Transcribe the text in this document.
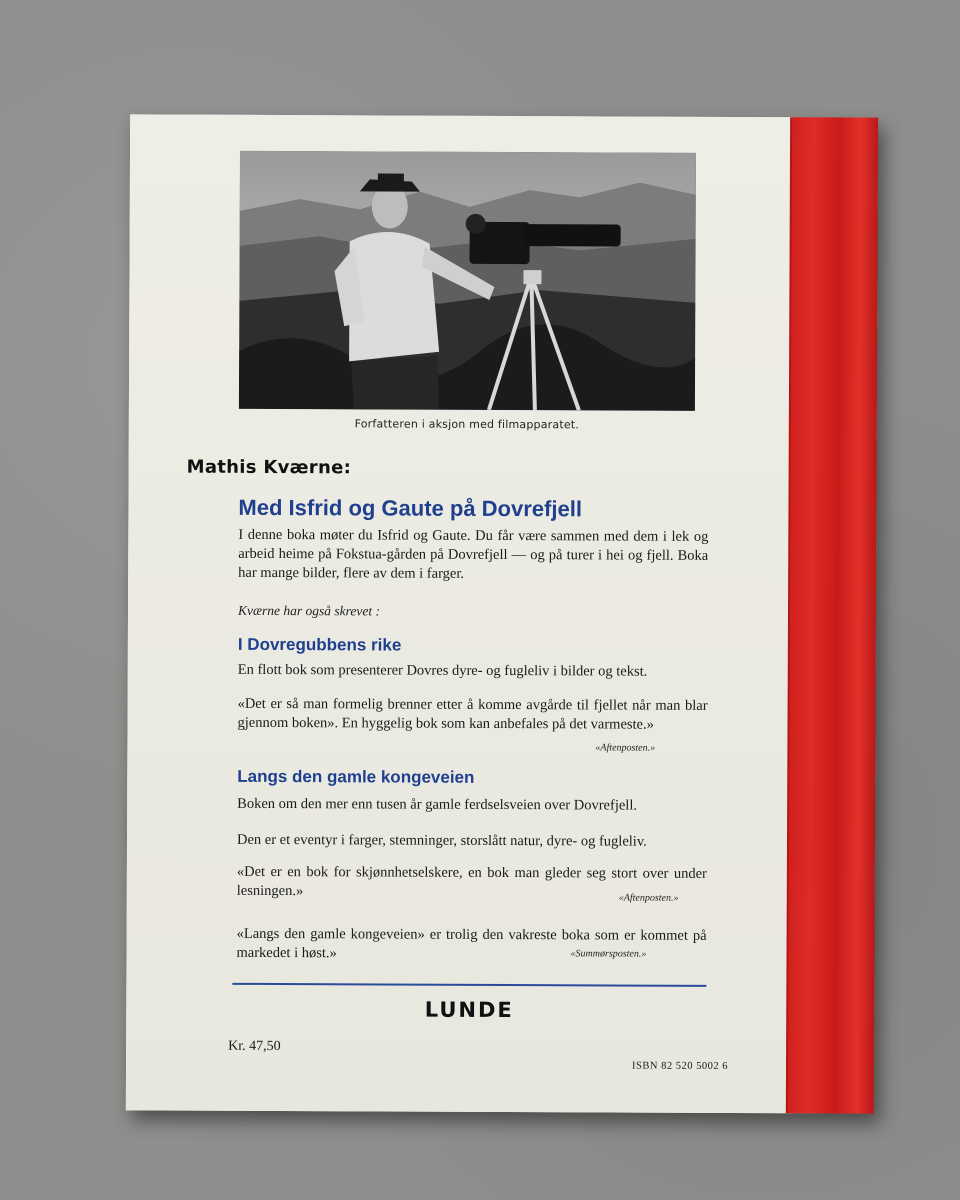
Forfatteren i aksjon med filmapparatet.
Mathis Kværne:
Med Isfrid og Gaute på Dovrefjell
I denne boka møter du Isfrid og Gaute. Du får være sammen med dem i lek og arbeid heime på Fokstua-gården på Dovrefjell — og på turer i hei og fjell. Boka har mange bilder, flere av dem i farger.
Kværne har også skrevet :
I Dovregubbens rike
En flott bok som presenterer Dovres dyre- og fugleliv i bilder og tekst.
«Det er så man formelig brenner etter å komme avgårde til fjellet når man blar gjennom boken». En hyggelig bok som kan anbefales på det varmeste.»
«Aftenposten.»
Langs den gamle kongeveien
Boken om den mer enn tusen år gamle ferdselsveien over Dovrefjell.
Den er et eventyr i farger, stemninger, storslått natur, dyre- og fugleliv.
«Det er en bok for skjønnhetselskere, en bok man gleder seg stort over under lesningen.»	«Aftenposten.»
«Langs den gamle kongeveien» er trolig den vakreste boka som er kommet på markedet i høst.»	«Summørsposten.»
LUNDE
Kr. 47,50
ISBN 82 520 5002 6
